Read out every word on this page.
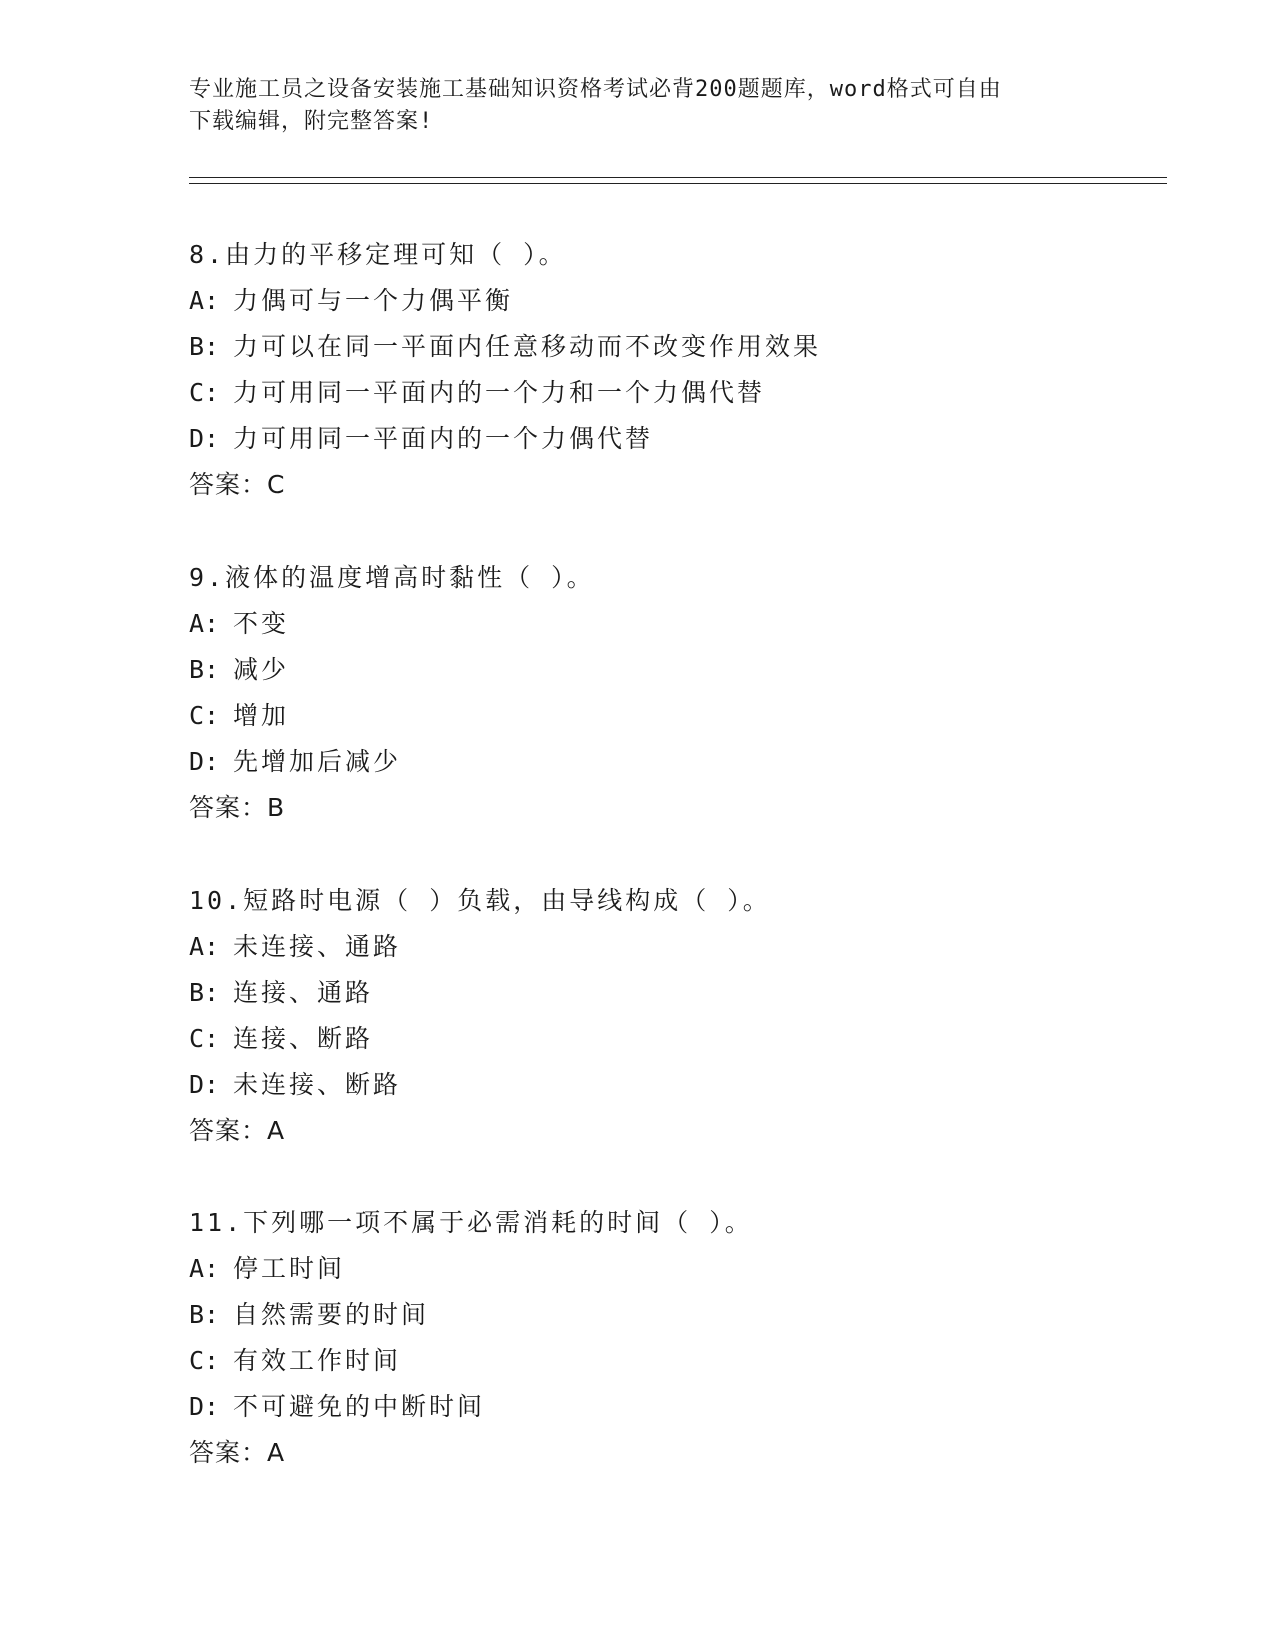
专业施工员之设备安装施工基础知识资格考试必背200题题库，word格式可自由
下载编辑，附完整答案!
8.由力的平移定理可知（ ）。
A: 力偶可与一个力偶平衡
B: 力可以在同一平面内任意移动而不改变作用效果
C: 力可用同一平面内的一个力和一个力偶代替
D: 力可用同一平面内的一个力偶代替
答案：C
9.液体的温度增高时黏性（ ）。
A: 不变
B: 减少
C: 增加
D: 先增加后减少
答案：B
10.短路时电源（ ）负载，由导线构成（ ）。
A: 未连接、通路
B: 连接、通路
C: 连接、断路
D: 未连接、断路
答案：A
11.下列哪一项不属于必需消耗的时间（ ）。
A: 停工时间
B: 自然需要的时间
C: 有效工作时间
D: 不可避免的中断时间
答案：A
